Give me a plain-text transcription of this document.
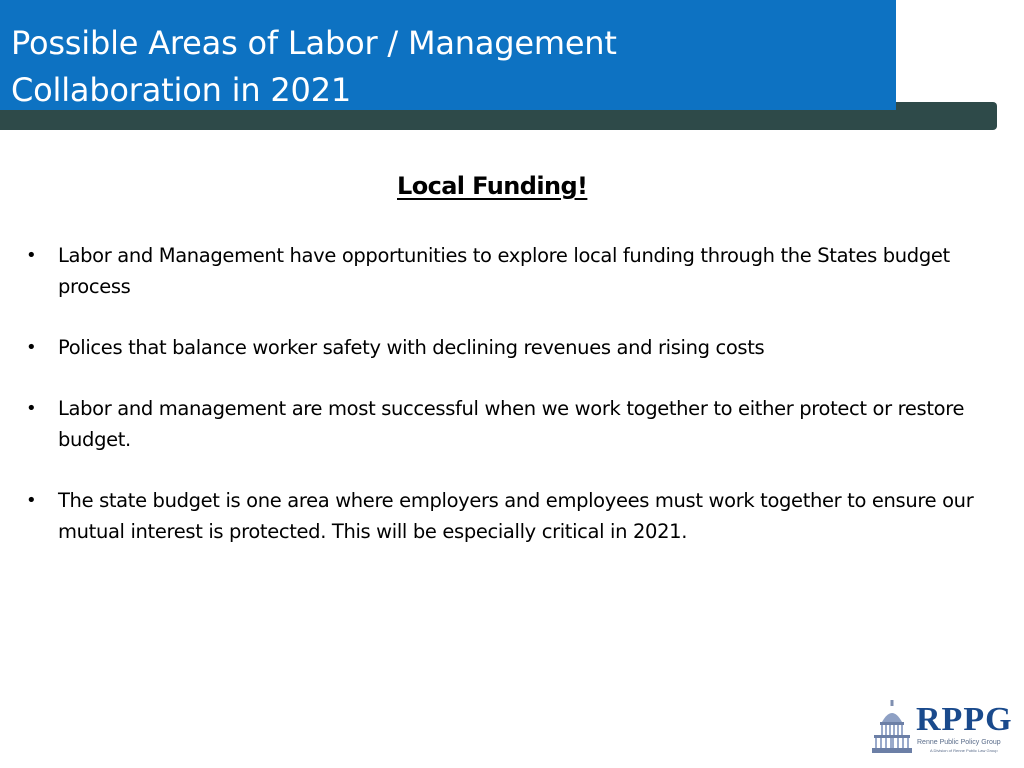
Possible Areas of Labor / Management
Collaboration in 2021
Local Funding!
• Labor and Management have opportunities to explore local funding through the States budget process
• Polices that balance worker safety with declining revenues and rising costs
• Labor and management are most successful when we work together to either protect or restore budget.
• The state budget is one area where employers and employees must work together to ensure our mutual interest is protected. This will be especially critical in 2021.
RPPG
Renne Public Policy Group
A Division of Renne Public Law Group
